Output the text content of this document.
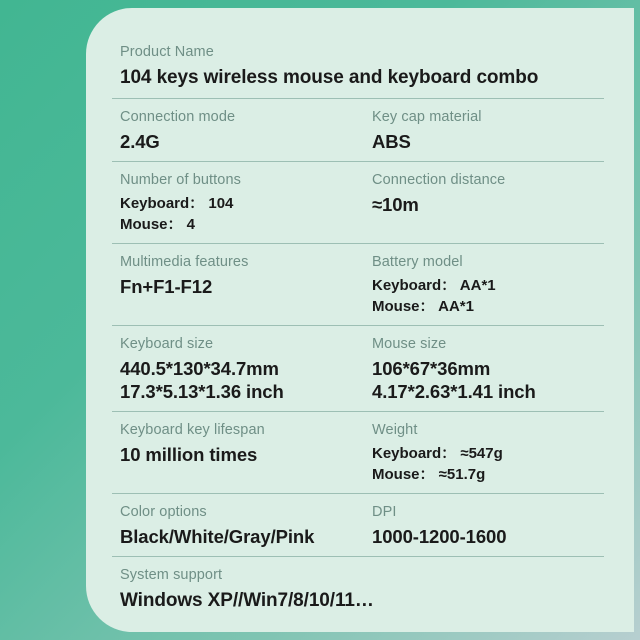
Product Name
104 keys wireless mouse and keyboard combo	

Connection mode
2.4G

Key cap material
ABS

Number of buttons
Keyboard： 104
Mouse： 4

Connection distance
≈10m

Multimedia features
Fn+F1-F12

Battery model
Keyboard： AA*1
Mouse： AA*1

Keyboard size
440.5*130*34.7mm
17.3*5.13*1.36 inch

Mouse size
106*67*36mm
4.17*2.63*1.41 inch

Keyboard key lifespan
10 million times

Weight
Keyboard： ≈547g
Mouse： ≈51.7g

Color options
Black/White/Gray/Pink

DPI
1000-1200-1600

System support
Windows XP//Win7/8/10/11…	
